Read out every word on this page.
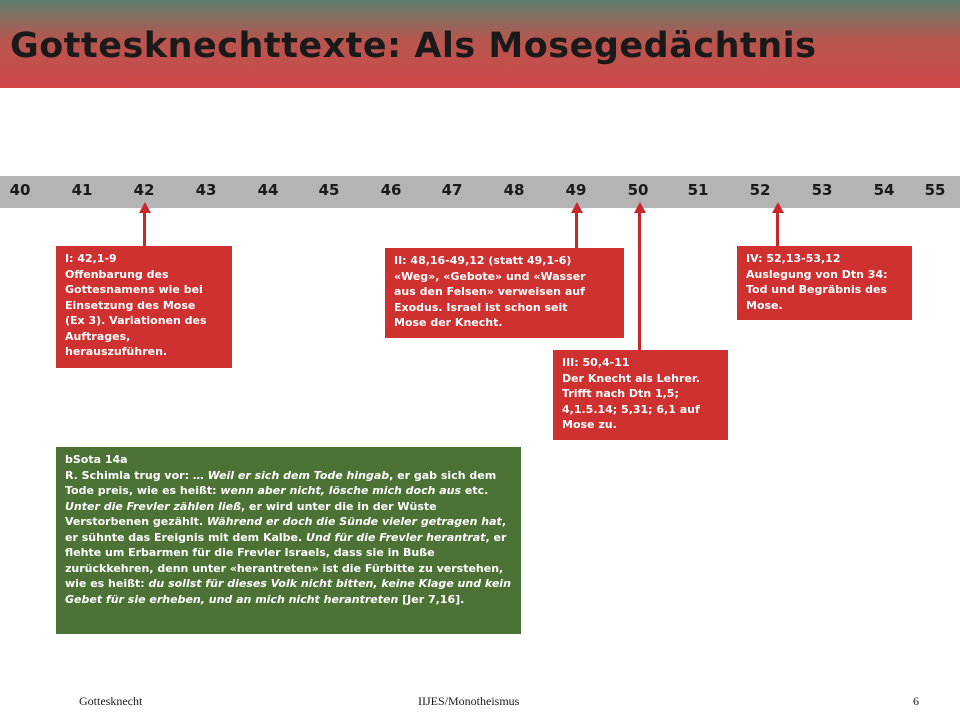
Gottesknechttexte: Als Mosegedächtnis
40	41	42	43	44	45	46	47	48	49	50	51	52	53	54	55
I: 42,1-9
Offenbarung des
Gottesnamens wie bei
Einsetzung des Mose
(Ex 3). Variationen des
Auftrages,
herauszuführen.
II: 48,16-49,12 (statt 49,1-6)
«Weg», «Gebote» und «Wasser
aus den Felsen» verweisen auf
Exodus. Israel ist schon seit
Mose der Knecht.
III: 50,4-11
Der Knecht als Lehrer.
Trifft nach Dtn 1,5;
4,1.5.14; 5,31; 6,1 auf
Mose zu.
IV: 52,13-53,12
Auslegung von Dtn 34:
Tod und Begräbnis des
Mose.
bSota 14a
R. Schimla trug vor: … Weil er sich dem Tode hingab, er gab sich dem Tode preis, wie es heißt: wenn aber nicht, lösche mich doch aus etc. Unter die Frevler zählen ließ, er wird unter die in der Wüste Verstorbenen gezählt. Während er doch die Sünde vieler getragen hat, er sühnte das Ereignis mit dem Kalbe. Und für die Frevler herantrat, er flehte um Erbarmen für die Frevler Israels, dass sie in Buße zurückkehren, denn unter «herantreten» ist die Fürbitte zu verstehen, wie es heißt: du sollst für dieses Volk nicht bitten, keine Klage und kein Gebet für sie erheben, und an mich nicht herantreten [Jer 7,16].
Gottesknecht	IIJES/Monotheismus	6
